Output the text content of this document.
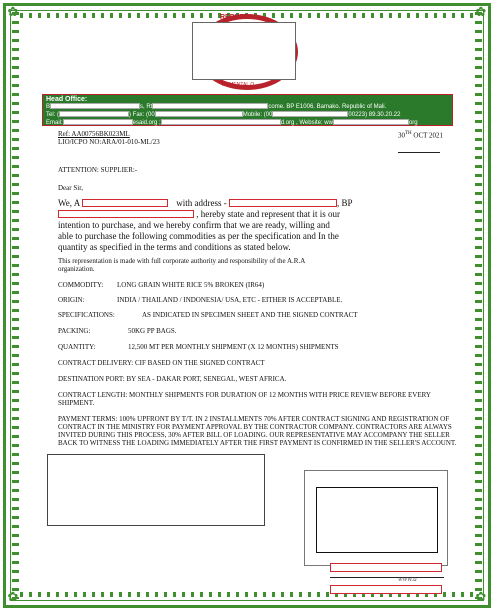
✿	✿
✿	✿
REPUB
RNMENTAL O
Head Office:
B	s, Rt	come. BP E1006. Bamako. Republic of Mali.
Tel: (	) Fax: (00	Mobile: (00	00223) 89.30.20.22
Email:	esaid.org ;	d.org , Website: ww	org
Ref: AA00756BK023ML
LIO/ICPO NO:ARA/01-010-ML/23
30TH OCT 2021
ATTENTION: SUPPLIER:-
Dear Sir,
We, A	with address -	, BP
, hereby state and represent that it is our
intention to purchase, and we hereby confirm that we are ready, willing and
able to purchase the following commodities as per the specification and In the
quantity as specified in the terms and conditions as stated below.
This representation is made with full corporate authority and responsibility of the A.R.A
organization.
COMMODITY: LONG GRAIN WHITE RICE 5% BROKEN (IR64)
ORIGIN:	INDIA / THAILAND / INDONESIA/ USA, ETC - EITHER IS ACCEPTABLE.
SPECIFICATIONS:	AS INDICATED IN SPECIMEN SHEET AND THE SIGNED CONTRACT
PACKING:	50KG PP BAGS.
QUANTITY:	12,500 MT PER MONTHLY SHIPMENT (X 12 MONTHS) SHIPMENTS
CONTRACT DELIVERY: CIF BASED ON THE SIGNED CONTRACT
DESTINATION PORT: BY SEA - DAKAR PORT, SENEGAL, WEST AFRICA.
CONTRACT LENGTH: MONTHLY SHIPMENTS FOR DURATION OF 12 MONTHS WITH PRICE REVIEW BEFORE EVERY
SHIPMENT.
PAYMENT TERMS: 100% UPFRONT BY T/T. IN 2 INSTALLMENTS 70% AFTER CONTRACT SIGNING AND REGISTRATION OF
CONTRACT IN THE MINISTRY FOR PAYMENT APPROVAL BY THE CONTRACTOR COMPANY. CONTRACTORS ARE ALWAYS
INVITED DURING THIS PROCESS, 30% AFTER BILL OF LOADING. OUR REPRESENTATIVE MAY ACCOMPANY THE SELLER
BACK TO WITNESS THE LOADING IMMEDIATELY AFTER THE FIRST PAYMENT IS CONFIRMED IN THE SELLER'S ACCOUNT.
www.a
